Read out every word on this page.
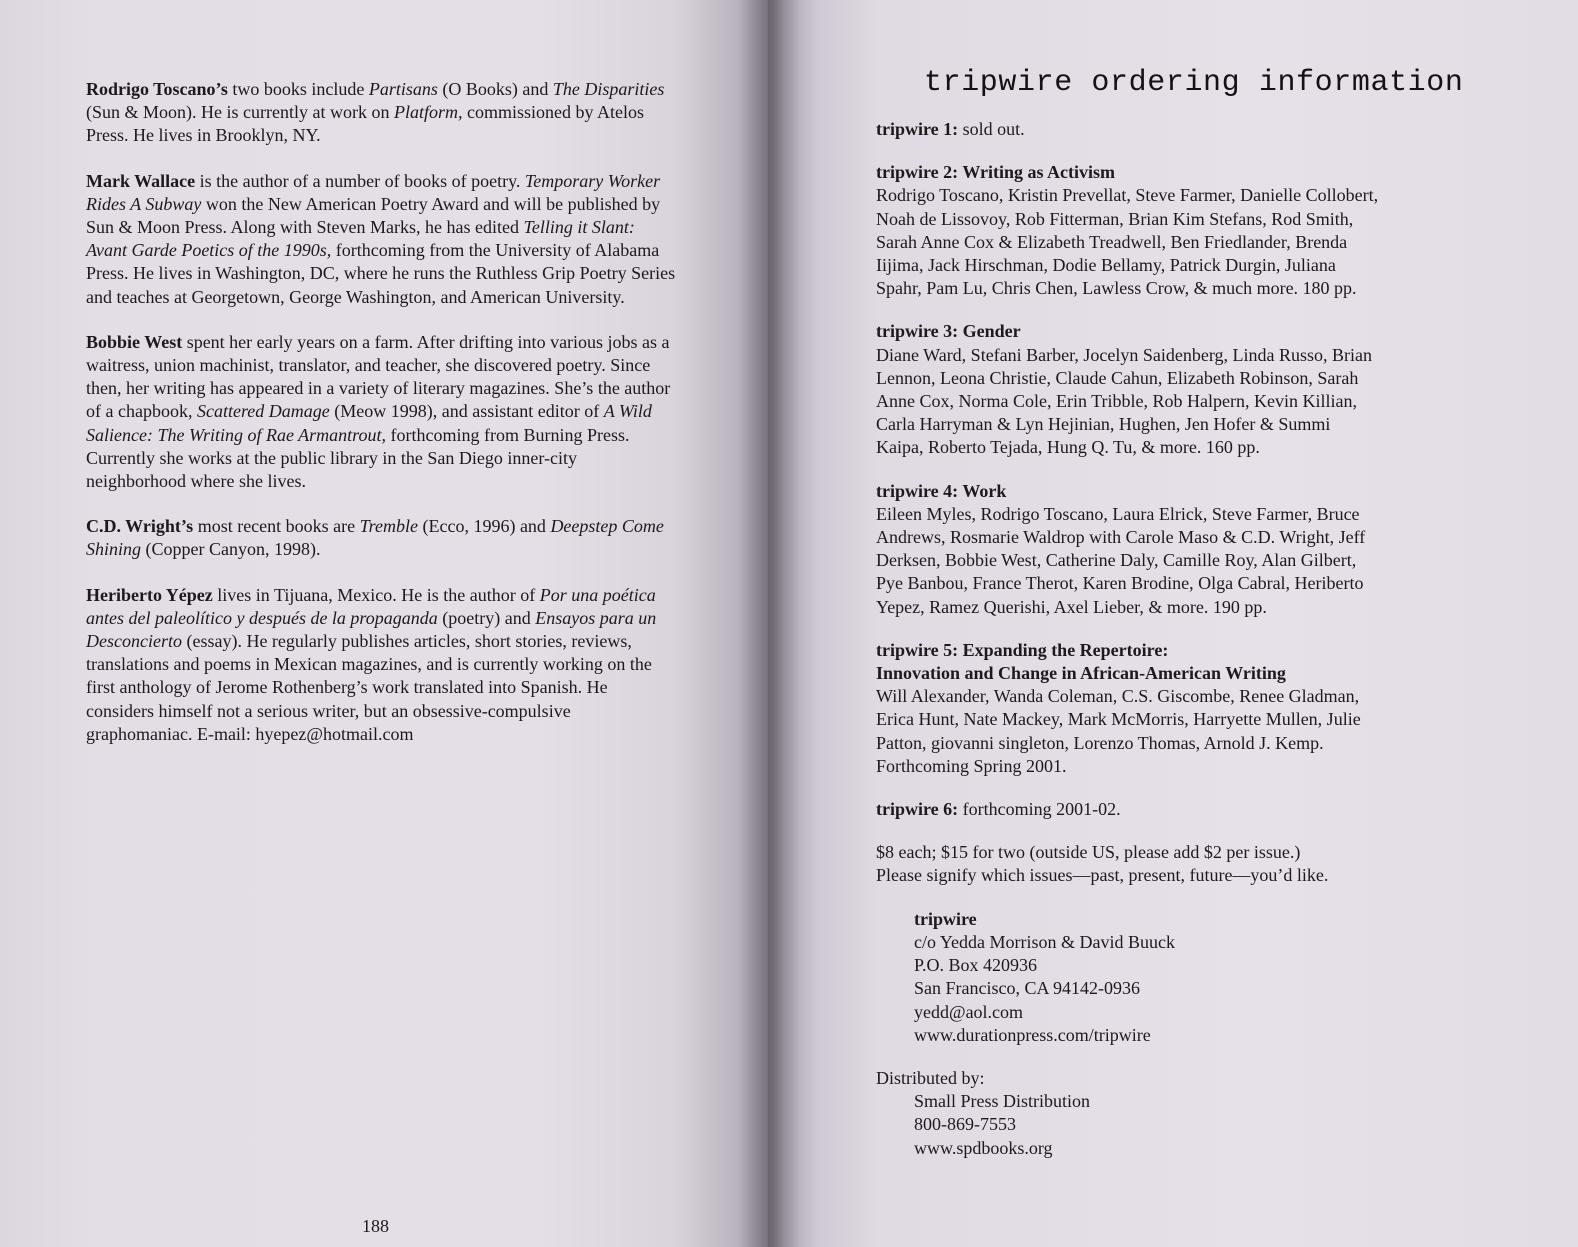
Rodrigo Toscano’s two books include Partisans (O Books) and The Disparities (Sun & Moon). He is currently at work on Platform, commissioned by Atelos Press. He lives in Brooklyn, NY.

Mark Wallace is the author of a number of books of poetry. Temporary Worker Rides A Subway won the New American Poetry Award and will be published by Sun & Moon Press. Along with Steven Marks, he has edited Telling it Slant: Avant Garde Poetics of the 1990s, forthcoming from the University of Alabama Press. He lives in Washington, DC, where he runs the Ruthless Grip Poetry Series and teaches at Georgetown, George Washington, and American University.

Bobbie West spent her early years on a farm. After drifting into various jobs as a waitress, union machinist, translator, and teacher, she discovered poetry. Since then, her writing has appeared in a variety of literary magazines. She’s the author of a chapbook, Scattered Damage (Meow 1998), and assistant editor of A Wild Salience: The Writing of Rae Armantrout, forthcoming from Burning Press. Currently she works at the public library in the San Diego inner-city neighborhood where she lives.

C.D. Wright’s most recent books are Tremble (Ecco, 1996) and Deepstep Come Shining (Copper Canyon, 1998).

Heriberto Yépez lives in Tijuana, Mexico. He is the author of Por una poética antes del paleolítico y después de la propaganda (poetry) and Ensayos para un Desconcierto (essay). He regularly publishes articles, short stories, reviews, translations and poems in Mexican magazines, and is currently working on the first anthology of Jerome Rothenberg’s work translated into Spanish. He considers himself not a serious writer, but an obsessive-compulsive graphomaniac. E-mail: hyepez@hotmail.com

188
tripwire ordering information
tripwire 1: sold out.
tripwire 2: Writing as Activism
Rodrigo Toscano, Kristin Prevellat, Steve Farmer, Danielle Collobert,
Noah de Lissovoy, Rob Fitterman, Brian Kim Stefans, Rod Smith,
Sarah Anne Cox & Elizabeth Treadwell, Ben Friedlander, Brenda
Iijima, Jack Hirschman, Dodie Bellamy, Patrick Durgin, Juliana
Spahr, Pam Lu, Chris Chen, Lawless Crow, & much more. 180 pp.
tripwire 3: Gender
Diane Ward, Stefani Barber, Jocelyn Saidenberg, Linda Russo, Brian
Lennon, Leona Christie, Claude Cahun, Elizabeth Robinson, Sarah
Anne Cox, Norma Cole, Erin Tribble, Rob Halpern, Kevin Killian,
Carla Harryman & Lyn Hejinian, Hughen, Jen Hofer & Summi
Kaipa, Roberto Tejada, Hung Q. Tu, & more. 160 pp.
tripwire 4: Work
Eileen Myles, Rodrigo Toscano, Laura Elrick, Steve Farmer, Bruce
Andrews, Rosmarie Waldrop with Carole Maso & C.D. Wright, Jeff
Derksen, Bobbie West, Catherine Daly, Camille Roy, Alan Gilbert,
Pye Banbou, France Therot, Karen Brodine, Olga Cabral, Heriberto
Yepez, Ramez Querishi, Axel Lieber, & more. 190 pp.
tripwire 5: Expanding the Repertoire:
Innovation and Change in African-American Writing
Will Alexander, Wanda Coleman, C.S. Giscombe, Renee Gladman,
Erica Hunt, Nate Mackey, Mark McMorris, Harryette Mullen, Julie
Patton, giovanni singleton, Lorenzo Thomas, Arnold J. Kemp.
Forthcoming Spring 2001.
tripwire 6: forthcoming 2001-02.
$8 each; $15 for two (outside US, please add $2 per issue.)
Please signify which issues—past, present, future—you’d like.
tripwire
c/o Yedda Morrison & David Buuck
P.O. Box 420936
San Francisco, CA 94142-0936
yedd@aol.com
www.durationpress.com/tripwire
Distributed by:
Small Press Distribution
800-869-7553
www.spdbooks.org
